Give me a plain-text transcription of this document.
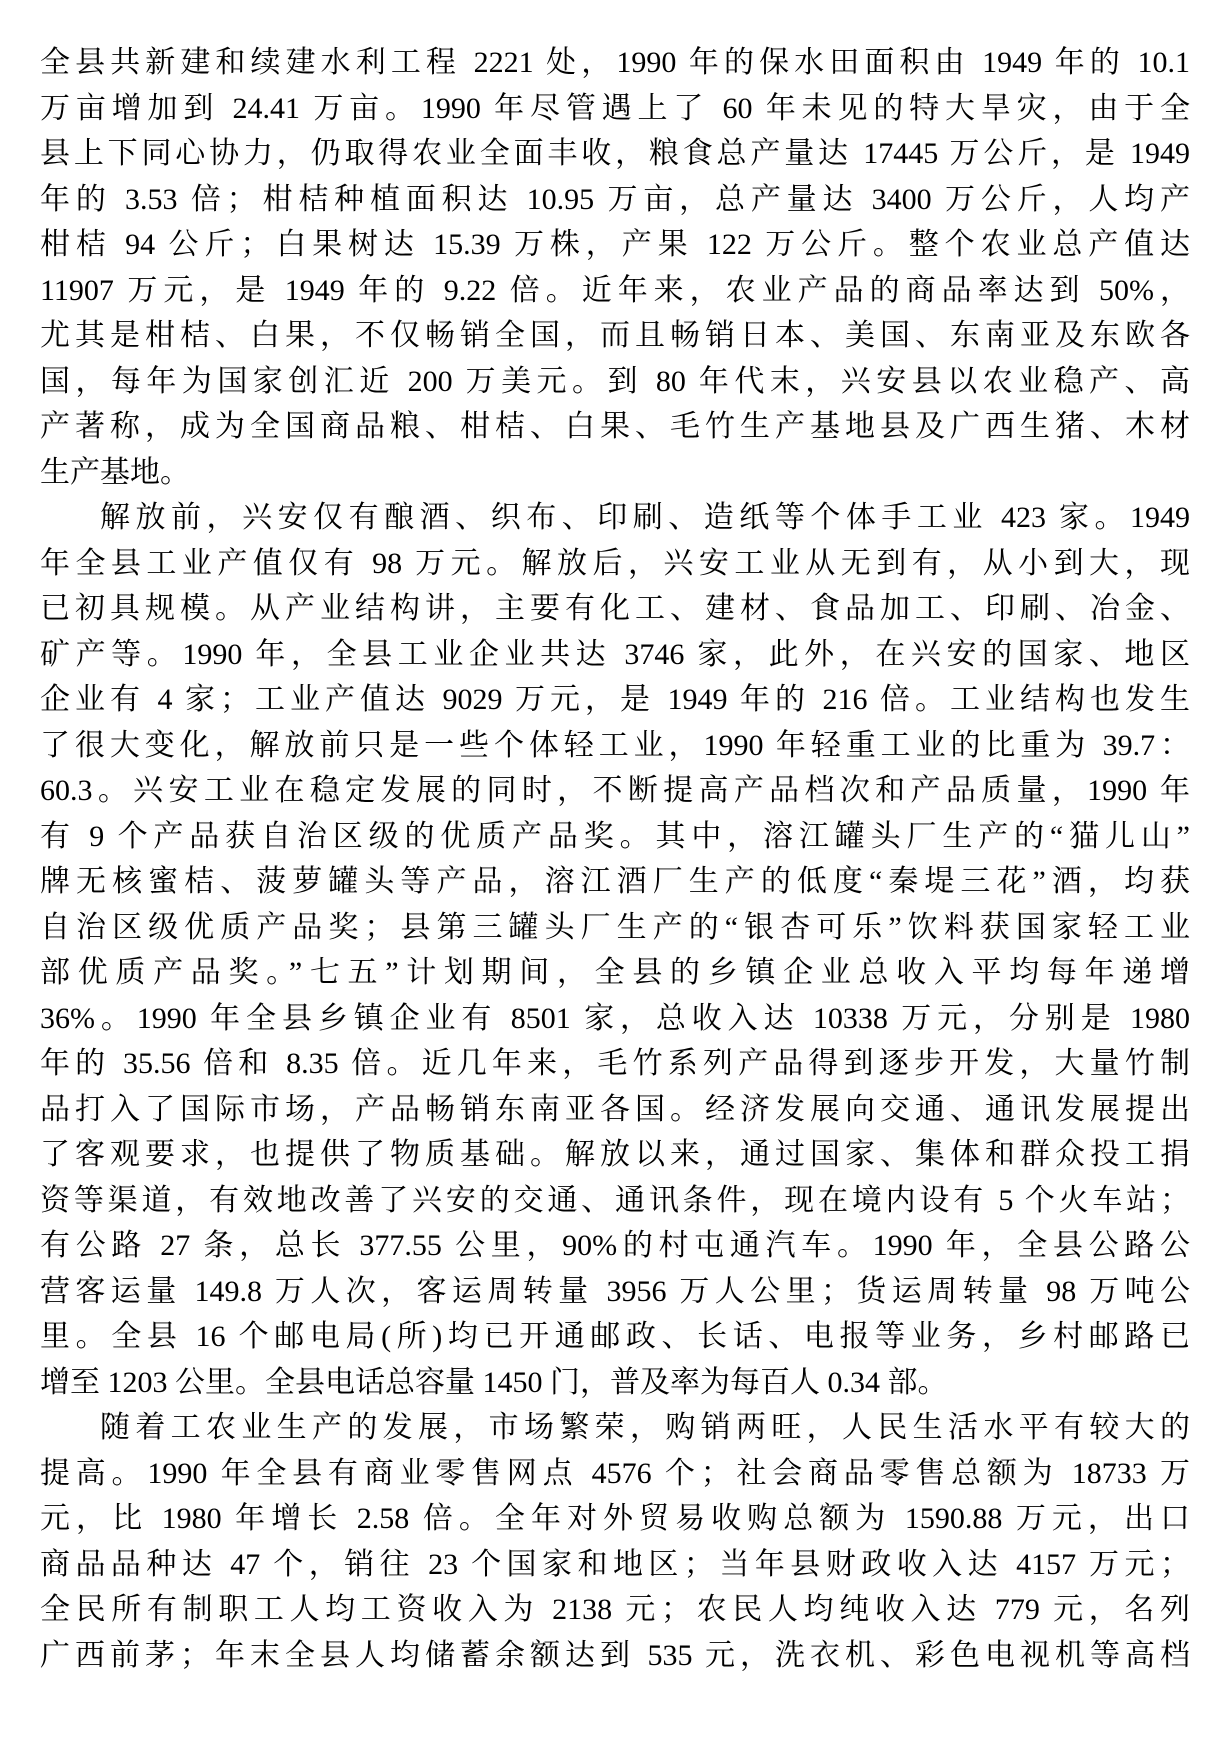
全县共新建和续建水利工程 2221 处，1990 年的保水田面积由 1949 年的 10.1
万亩增加到 24.41 万亩。1990 年尽管遇上了 60 年未见的特大旱灾，由于全
县上下同心协力，仍取得农业全面丰收，粮食总产量达 17445 万公斤，是 1949
年的 3.53 倍；柑桔种植面积达 10.95 万亩，总产量达 3400 万公斤，人均产
柑桔 94 公斤；白果树达 15.39 万株，产果 122 万公斤。整个农业总产值达
11907 万元，是 1949 年的 9.22 倍。近年来，农业产品的商品率达到 50%，
尤其是柑桔、白果，不仅畅销全国，而且畅销日本、美国、东南亚及东欧各
国，每年为国家创汇近 200 万美元。到 80 年代末，兴安县以农业稳产、高
产著称，成为全国商品粮、柑桔、白果、毛竹生产基地县及广西生猪、木材
生产基地。
解放前，兴安仅有酿酒、织布、印刷、造纸等个体手工业 423 家。1949
年全县工业产值仅有 98 万元。解放后，兴安工业从无到有，从小到大，现
已初具规模。从产业结构讲，主要有化工、建材、食品加工、印刷、冶金、
矿产等。1990 年，全县工业企业共达 3746 家，此外，在兴安的国家、地区
企业有 4 家；工业产值达 9029 万元，是 1949 年的 216 倍。工业结构也发生
了很大变化，解放前只是一些个体轻工业，1990 年轻重工业的比重为 39.7：
60.3。兴安工业在稳定发展的同时，不断提高产品档次和产品质量，1990 年
有 9 个产品获自治区级的优质产品奖。其中，溶江罐头厂生产的“猫儿山”
牌无核蜜桔、菠萝罐头等产品，溶江酒厂生产的低度“秦堤三花”酒，均获
自治区级优质产品奖；县第三罐头厂生产的“银杏可乐”饮料获国家轻工业
部优质产品奖。”七五”计划期间，全县的乡镇企业总收入平均每年递增
36%。1990 年全县乡镇企业有 8501 家，总收入达 10338 万元，分别是 1980
年的 35.56 倍和 8.35 倍。近几年来，毛竹系列产品得到逐步开发，大量竹制
品打入了国际市场，产品畅销东南亚各国。经济发展向交通、通讯发展提出
了客观要求，也提供了物质基础。解放以来，通过国家、集体和群众投工捐
资等渠道，有效地改善了兴安的交通、通讯条件，现在境内设有 5 个火车站；
有公路 27 条，总长 377.55 公里，90%的村屯通汽车。1990 年，全县公路公
营客运量 149.8 万人次，客运周转量 3956 万人公里；货运周转量 98 万吨公
里。全县 16 个邮电局(所)均已开通邮政、长话、电报等业务，乡村邮路已
增至 1203 公里。全县电话总容量 1450 门，普及率为每百人 0.34 部。
随着工农业生产的发展，市场繁荣，购销两旺，人民生活水平有较大的
提高。1990 年全县有商业零售网点 4576 个；社会商品零售总额为 18733 万
元，比 1980 年增长 2.58 倍。全年对外贸易收购总额为 1590.88 万元，出口
商品品种达 47 个，销往 23 个国家和地区；当年县财政收入达 4157 万元；
全民所有制职工人均工资收入为 2138 元；农民人均纯收入达 779 元，名列
广西前茅；年末全县人均储蓄余额达到 535 元，洗衣机、彩色电视机等高档
